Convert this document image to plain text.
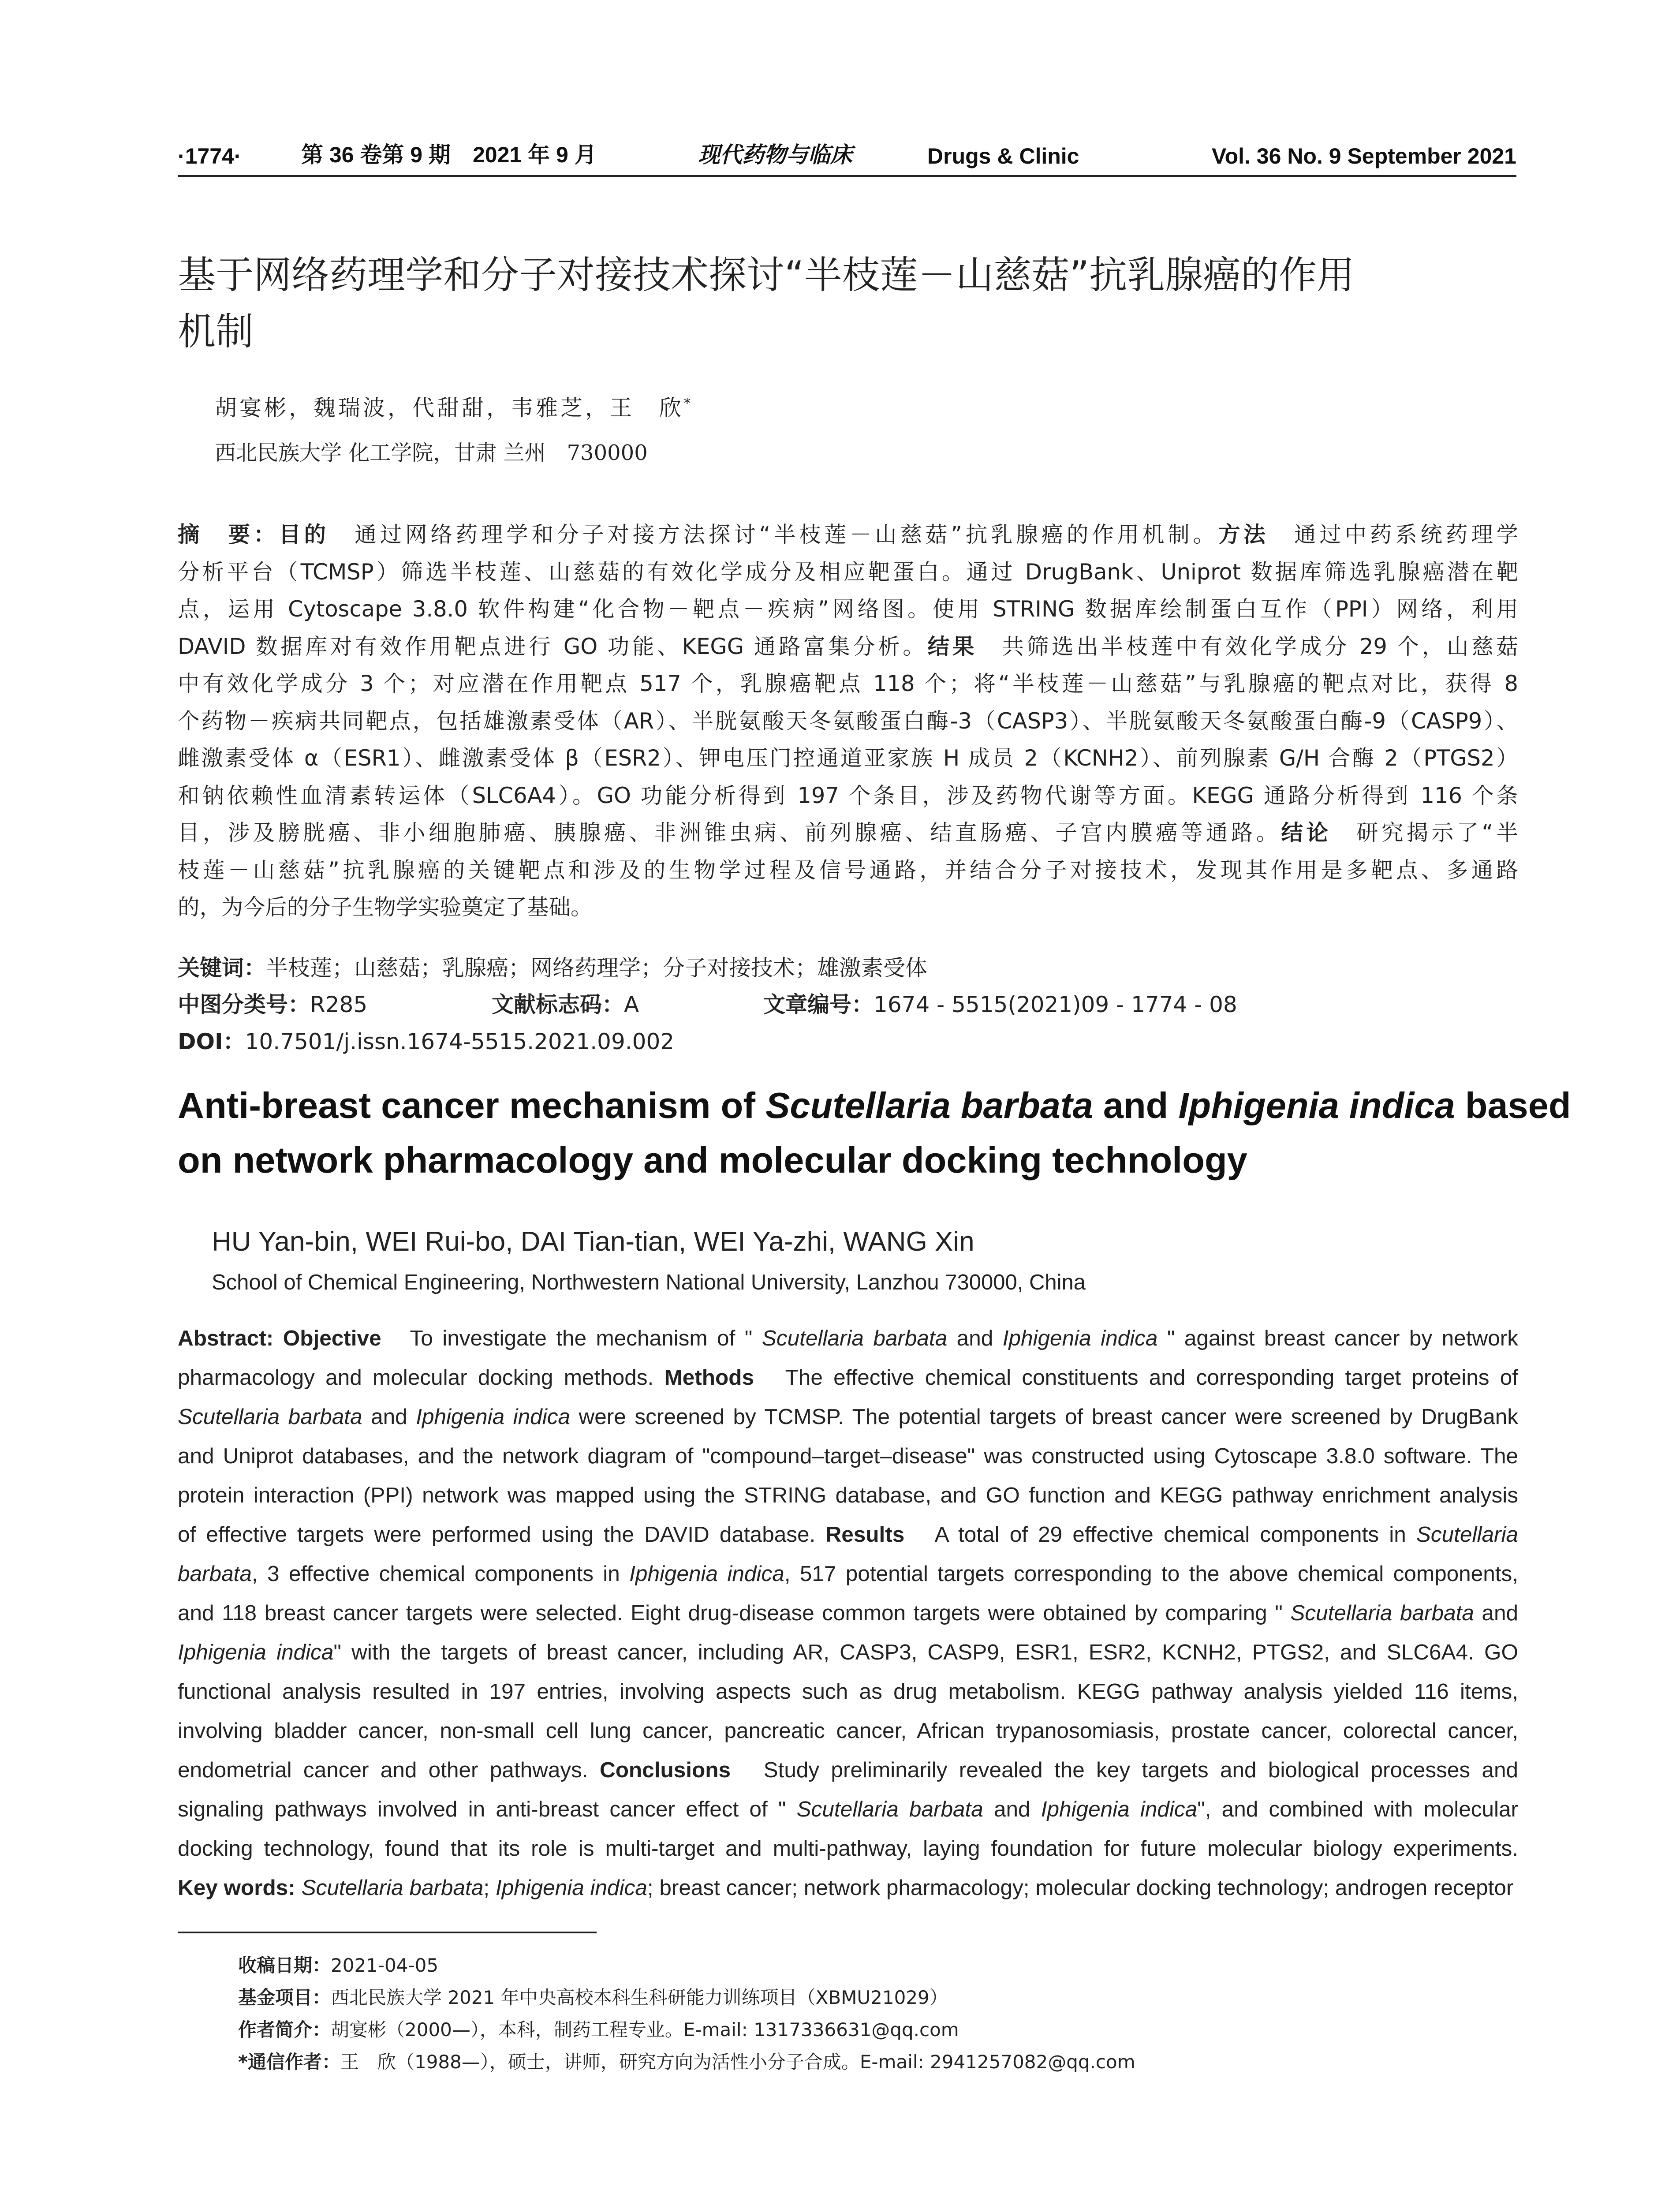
·1774·	第 36 卷第 9 期　2021 年 9 月	现代药物与临床	Drugs & Clinic	Vol. 36 No. 9 September 2021
基于网络药理学和分子对接技术探讨“半枝莲－山慈菇”抗乳腺癌的作用
机制
胡宴彬，魏瑞波，代甜甜，韦雅芝，王　欣*
西北民族大学 化工学院，甘肃 兰州　730000
摘　要：目的　 通过网络药理学和分子对接方法探讨“半枝莲－山慈菇”抗乳腺癌的作用机制。方法　 通过中药系统药理学
分析平台（TCMSP）筛选半枝莲、山慈菇的有效化学成分及相应靶蛋白。通过 DrugBank、Uniprot 数据库筛选乳腺癌潜在靶
点，运用 Cytoscape 3.8.0 软件构建“化合物－靶点－疾病”网络图。使用 STRING 数据库绘制蛋白互作（PPI）网络，利用
DAVID 数据库对有效作用靶点进行 GO 功能、KEGG 通路富集分析。结果　 共筛选出半枝莲中有效化学成分 29 个，山慈菇
中有效化学成分 3 个；对应潜在作用靶点 517 个，乳腺癌靶点 118 个；将“半枝莲－山慈菇”与乳腺癌的靶点对比，获得 8
个药物－疾病共同靶点，包括雄激素受体（AR）、半胱氨酸天冬氨酸蛋白酶-3（CASP3）、半胱氨酸天冬氨酸蛋白酶-9（CASP9）、
雌激素受体 α（ESR1）、雌激素受体 β（ESR2）、钾电压门控通道亚家族 H 成员 2（KCNH2）、前列腺素 G/H 合酶 2（PTGS2）
和钠依赖性血清素转运体（SLC6A4）。GO 功能分析得到 197 个条目，涉及药物代谢等方面。KEGG 通路分析得到 116 个条
目，涉及膀胱癌、非小细胞肺癌、胰腺癌、非洲锥虫病、前列腺癌、结直肠癌、子宫内膜癌等通路。结论　 研究揭示了“半
枝莲－山慈菇”抗乳腺癌的关键靶点和涉及的生物学过程及信号通路，并结合分子对接技术，发现其作用是多靶点、多通路
的，为今后的分子生物学实验奠定了基础。
关键词：半枝莲；山慈菇；乳腺癌；网络药理学；分子对接技术；雄激素受体
中图分类号：R285	文献标志码：A	文章编号：1674 - 5515(2021)09 - 1774 - 08
DOI：10.7501/j.issn.1674-5515.2021.09.002
Anti-breast cancer mechanism of Scutellaria barbata and Iphigenia indica based
on network pharmacology and molecular docking technology
HU Yan-bin, WEI Rui-bo, DAI Tian-tian, WEI Ya-zhi, WANG Xin
School of Chemical Engineering, Northwestern National University, Lanzhou 730000, China
Abstract: Objective　 To investigate the mechanism of " Scutellaria barbata and Iphigenia indica " against breast cancer by network
pharmacology and molecular docking methods. Methods　 The effective chemical constituents and corresponding target proteins of
Scutellaria barbata and Iphigenia indica were screened by TCMSP. The potential targets of breast cancer were screened by DrugBank
and Uniprot databases, and the network diagram of "compound–target–disease" was constructed using Cytoscape 3.8.0 software. The
protein interaction (PPI) network was mapped using the STRING database, and GO function and KEGG pathway enrichment analysis
of effective targets were performed using the DAVID database. Results　 A total of 29 effective chemical components in Scutellaria
barbata, 3 effective chemical components in Iphigenia indica, 517 potential targets corresponding to the above chemical components,
and 118 breast cancer targets were selected. Eight drug-disease common targets were obtained by comparing " Scutellaria barbata and
Iphigenia indica" with the targets of breast cancer, including AR, CASP3, CASP9, ESR1, ESR2, KCNH2, PTGS2, and SLC6A4. GO
functional analysis resulted in 197 entries, involving aspects such as drug metabolism. KEGG pathway analysis yielded 116 items,
involving bladder cancer, non-small cell lung cancer, pancreatic cancer, African trypanosomiasis, prostate cancer, colorectal cancer,
endometrial cancer and other pathways. Conclusions　 Study preliminarily revealed the key targets and biological processes and
signaling pathways involved in anti-breast cancer effect of " Scutellaria barbata and Iphigenia indica", and combined with molecular
docking technology, found that its role is multi-target and multi-pathway, laying foundation for future molecular biology experiments.
Key words: Scutellaria barbata; Iphigenia indica; breast cancer; network pharmacology; molecular docking technology; androgen receptor
收稿日期：2021-04-05
基金项目：西北民族大学 2021 年中央高校本科生科研能力训练项目（XBMU21029）
作者简介：胡宴彬（2000—），本科，制药工程专业。E-mail: 1317336631@qq.com
*通信作者：王　欣（1988—），硕士，讲师，研究方向为活性小分子合成。E-mail: 2941257082@qq.com
